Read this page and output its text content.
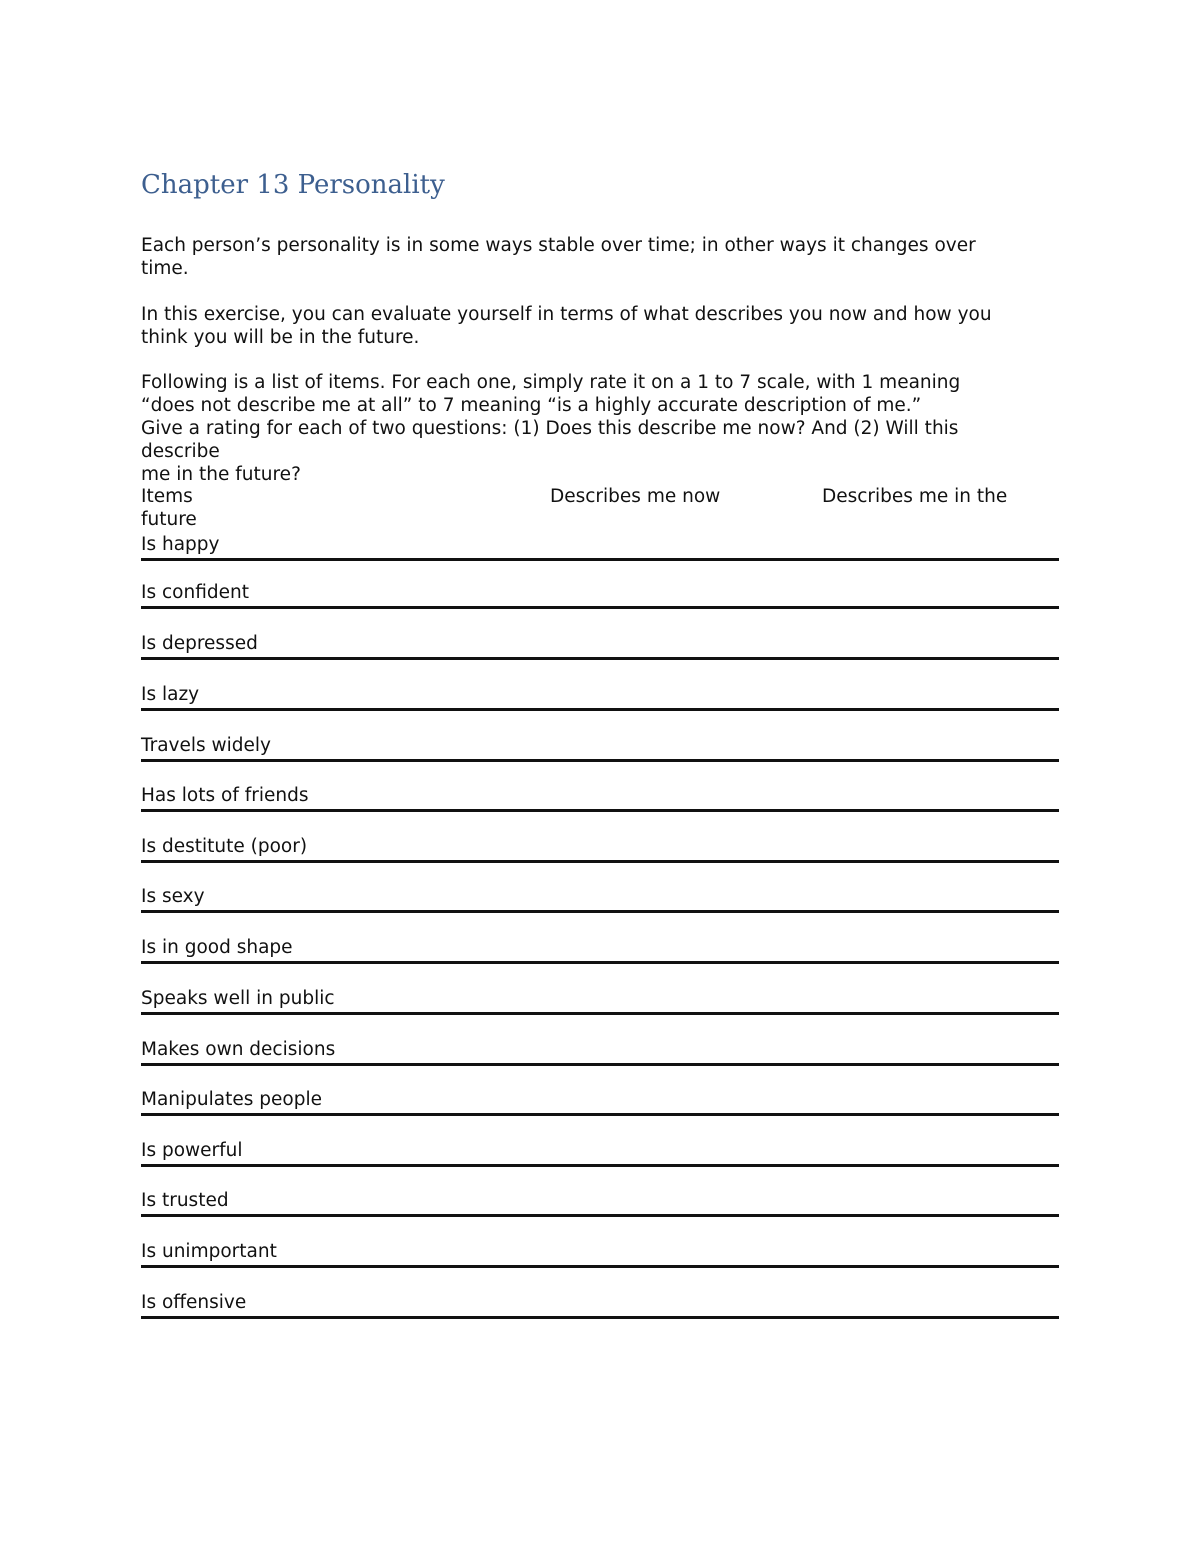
Chapter 13 Personality

Each person’s personality is in some ways stable over time; in other ways it changes over
time.

In this exercise, you can evaluate yourself in terms of what describes you now and how you
think you will be in the future.

Following is a list of items. For each one, simply rate it on a 1 to 7 scale, with 1 meaning
“does not describe me at all” to 7 meaning “is a highly accurate description of me.”
Give a rating for each of two questions: (1) Does this describe me now? And (2) Will this
describe
me in the future?

Items	Describes me now	Describes me in the
future
Is happy
Is confident
Is depressed
Is lazy
Travels widely
Has lots of friends
Is destitute (poor)
Is sexy
Is in good shape
Speaks well in public
Makes own decisions
Manipulates people
Is powerful
Is trusted
Is unimportant
Is offensive
